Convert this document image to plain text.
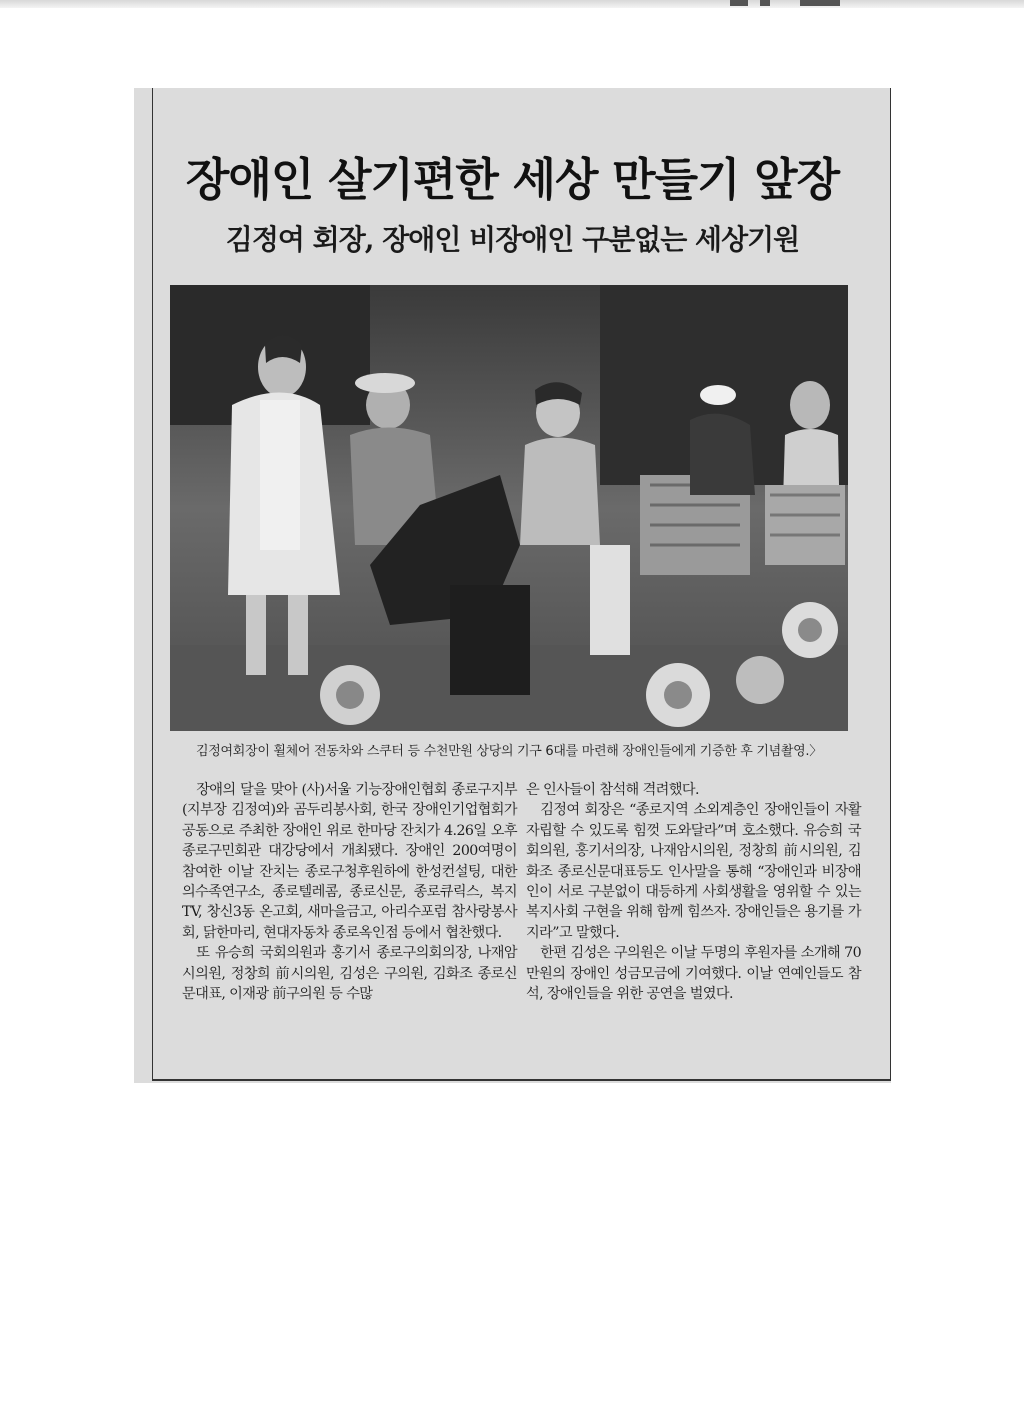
장애인 살기편한 세상 만들기 앞장
김정여 회장, 장애인 비장애인 구분없는 세상기원
김정여회장이 휠체어 전동차와 스쿠터 등 수천만원 상당의 기구 6대를 마련해 장애인들에게 기증한 후 기념촬영.〉

장애의 달을 맞아 (사)서울 기능장애인협회 종로구지부(지부장 김정여)와 곰두리봉사회, 한국 장애인기업협회가 공동으로 주최한 장애인 위로 한마당 잔치가 4.26일 오후 종로구민회관 대강당에서 개최됐다. 장애인 200여명이 참여한 이날 잔치는 종로구청후원하에 한성컨설팅, 대한의수족연구소, 종로텔레콤, 종로신문, 종로큐릭스, 복지TV, 창신3동 온고회, 새마을금고, 아리수포럼 참사랑봉사회, 닭한마리, 현대자동차 종로옥인점 등에서 협찬했다.

또 유승희 국회의원과 홍기서 종로구의회의장, 나재암시의원, 정창희 前시의원, 김성은 구의원, 김화조 종로신문대표, 이재광 前구의원 등 수많

은 인사들이 참석해 격려했다.

김정여 회장은 “종로지역 소외계층인 장애인들이 자활 자립할 수 있도록 힘껏 도와달라”며 호소했다. 유승희 국회의원, 홍기서의장, 나재암시의원, 정창희 前시의원, 김화조 종로신문대표등도 인사말을 통해 “장애인과 비장애인이 서로 구분없이 대등하게 사회생활을 영위할 수 있는 복지사회 구현을 위해 함께 힘쓰자. 장애인들은 용기를 가지라”고 말했다.

한편 김성은 구의원은 이날 두명의 후원자를 소개해 70만원의 장애인 성금모금에 기여했다. 이날 연예인들도 참석, 장애인들을 위한 공연을 벌였다.
